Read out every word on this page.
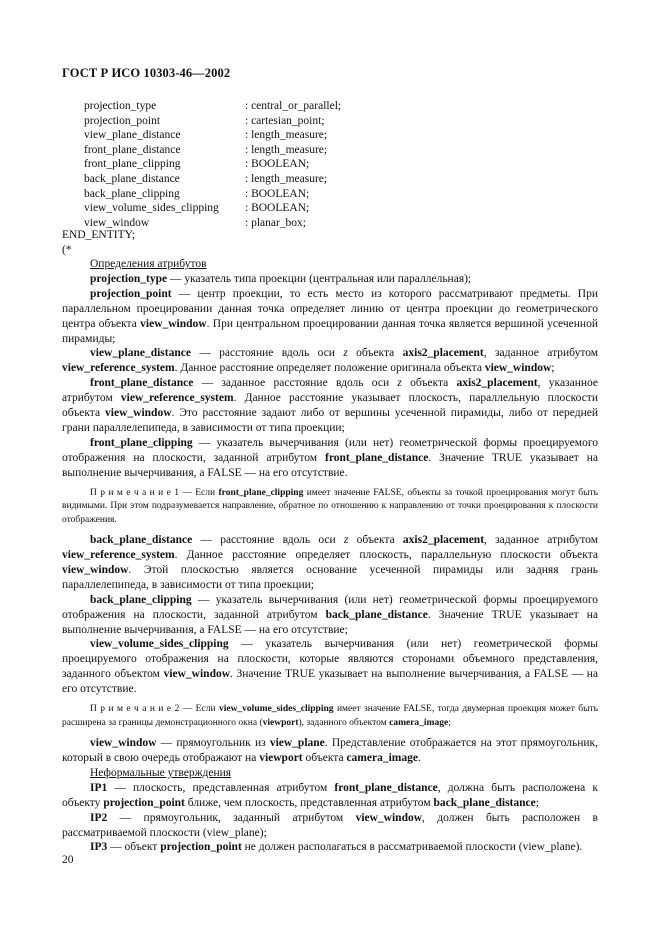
ГОСТ Р ИСО 10303-46—2002
projection_type	: central_or_parallel;
projection_point	: cartesian_point;
view_plane_distance	: length_measure;
front_plane_distance	: length_measure;
front_plane_clipping	: BOOLEAN;
back_plane_distance	: length_measure;
back_plane_clipping	: BOOLEAN;
view_volume_sides_clipping : BOOLEAN;
view_window	: planar_box;
END_ENTITY;
(*

Определения атрибутов

projection_type — указатель типа проекции (центральная или параллельная);

projection_point — центр проекции, то есть место из которого рассматривают предметы. При параллельном проецировании данная точка определяет линию от центра проекции до геометрического центра объекта view_window. При центральном проецировании данная точка является вершиной усеченной пирамиды;

view_plane_distance — расстояние вдоль оси z объекта axis2_placement, заданное атрибутом view_reference_system. Данное расстояние определяет положение оригинала объекта view_window;

front_plane_distance — заданное расстояние вдоль оси z объекта axis2_placement, указанное атрибутом view_reference_system. Данное расстояние указывает плоскость, параллельную плоскости объекта view_window. Это расстояние задают либо от вершины усеченной пирамиды, либо от передней грани параллелепипеда, в зависимости от типа проекции;

front_plane_clipping — указатель вычерчивания (или нет) геометрической формы проецируемого отображения на плоскости, заданной атрибутом front_plane_distance. Значение TRUE указывает на выполнение вычерчивания, а FALSE — на его отсутствие.

П р и м е ч а н и е 1 — Если front_plane_clipping имеет значение FALSE, объекты за точкой проецирования могут быть видимыми. При этом подразумевается направление, обратное по отношению к направлению от точки проецирования к плоскости отображения.

back_plane_distance — расстояние вдоль оси z объекта axis2_placement, заданное атрибутом view_reference_system. Данное расстояние определяет плоскость, параллельную плоскости объекта view_window. Этой плоскостью является основание усеченной пирамиды или задняя грань параллелепипеда, в зависимости от типа проекции;

back_plane_clipping — указатель вычерчивания (или нет) геометрической формы проецируемого отображения на плоскости, заданной атрибутом back_plane_distance. Значение TRUE указывает на выполнение вычерчивания, а FALSE — на его отсутствие;

view_volume_sides_clipping — указатель вычерчивания (или нет) геометрической формы проецируемого отображения на плоскости, которые являются сторонами объемного представления, заданного объектом view_window. Значение TRUE указывает на выполнение вычерчивания, а FALSE — на его отсутствие.

П р и м е ч а н и е 2 — Если view_volume_sides_clipping имеет значение FALSE, тогда двумерная проекция может быть расширена за границы демонстрационного окна (viewport), заданного объектом camera_image;

view_window — прямоугольник из view_plane. Представление отображается на этот прямоугольник, который в свою очередь отображают на viewport объекта camera_image.

Неформальные утверждения

IP1 — плоскость, представленная атрибутом front_plane_distance, должна быть расположена к объекту projection_point ближе, чем плоскость, представленная атрибутом back_plane_distance;

IP2 — прямоугольник, заданный атрибутом view_window, должен быть расположен в рассматриваемой плоскости (view_plane);

IP3 — объект projection_point не должен располагаться в рассматриваемой плоскости (view_plane).

20
